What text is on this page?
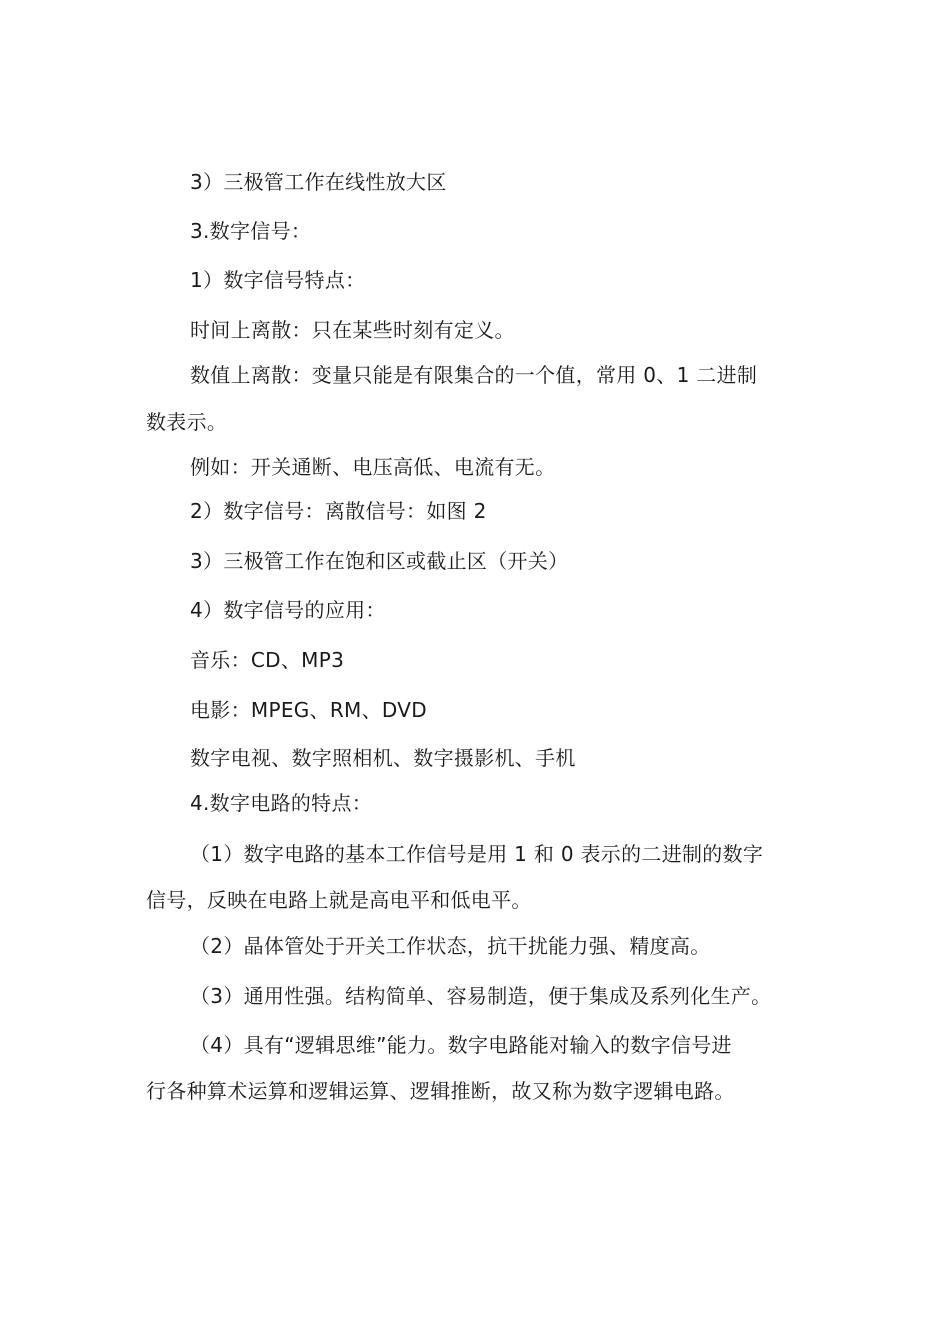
3）三极管工作在线性放大区
3.数字信号：
1）数字信号特点：
时间上离散：只在某些时刻有定义。
数值上离散：变量只能是有限集合的一个值，常用 0、1 二进制
数表示。
例如：开关通断、电压高低、电流有无。
2）数字信号：离散信号：如图 2
3）三极管工作在饱和区或截止区（开关）
4）数字信号的应用：
音乐：CD、MP3
电影：MPEG、RM、DVD
数字电视、数字照相机、数字摄影机、手机
4.数字电路的特点：
（1）数字电路的基本工作信号是用 1 和 0 表示的二进制的数字
信号，反映在电路上就是高电平和低电平。
（2）晶体管处于开关工作状态，抗干扰能力强、精度高。
（3）通用性强。结构简单、容易制造，便于集成及系列化生产。
（4）具有“逻辑思维”能力。数字电路能对输入的数字信号进
行各种算术运算和逻辑运算、逻辑推断，故又称为数字逻辑电路。
